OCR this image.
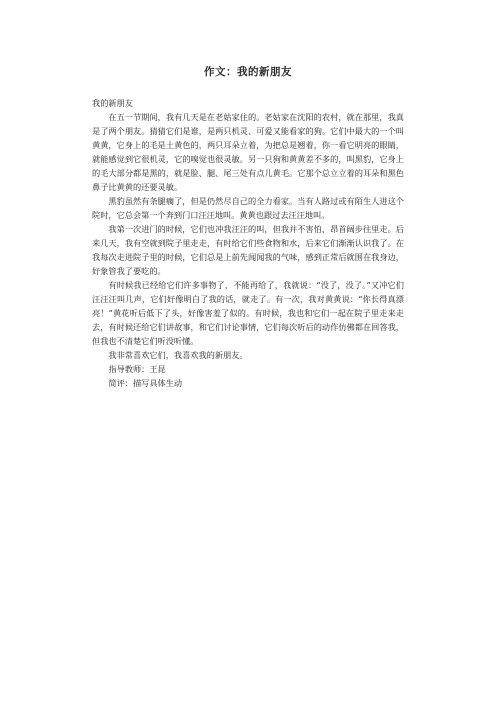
作文：我的新朋友

我的新朋友

在五一节期间，我有几天是在老姑家住的。老姑家在沈阳的农村，就在那里，我真是了两个朋友。猜猜它们是谁，是两只机灵、可爱又能看家的狗。它们中最大的一个叫黄黄，它身上的毛是土黄色的，两只耳朵立着，为把总是翘着，你一看它明亮的眼睛，就能感觉到它很机灵，它的嗅觉也很灵敏。另一只狗和黄黄差不多的，叫黑豹，它身上的毛大部分都是黑的，就是脸、腿、尾三处有点儿黄毛。它那个总立立着的耳朵和黑色鼻子比黄黄的还要灵敏。

黑豹虽然有条腿瘸了，但是仍然尽自己的全力看家。当有人路过或有陌生人进这个院时，它总会第一个奔到门口汪汪地叫。黄黄也跟过去汪汪地叫。

我第一次进门的时候，它们也冲我汪汪的叫，但我并不害怕，昂首阔步往里走。后来几天，我有空就到院子里走走，有时给它们些食物和水，后来它们渐渐认识我了。在我每次走进院子里的时候，它们总是上前先闻闻我的气味，感到正常后就围在我身边，好象管我了要吃的。

有时候我已经给它们许多事物了，不能再给了，我就说：“没了，没了。”又冲它们汪汪汪叫几声，它们好像明白了我的话，就走了。有一次，我对黄黄说：“你长得真漂亮！”黄花听后低下了头，好像害羞了似的。有时候，我也和它们一起在院子里走来走去，有时候还给它们讲故事，和它们讨论事情，它们每次听后的动作仿佛都在回答我，但我也不清楚它们听没听懂。

我非常喜欢它们，我喜欢我的新朋友。

指导教师：王昆

简评：描写具体生动
